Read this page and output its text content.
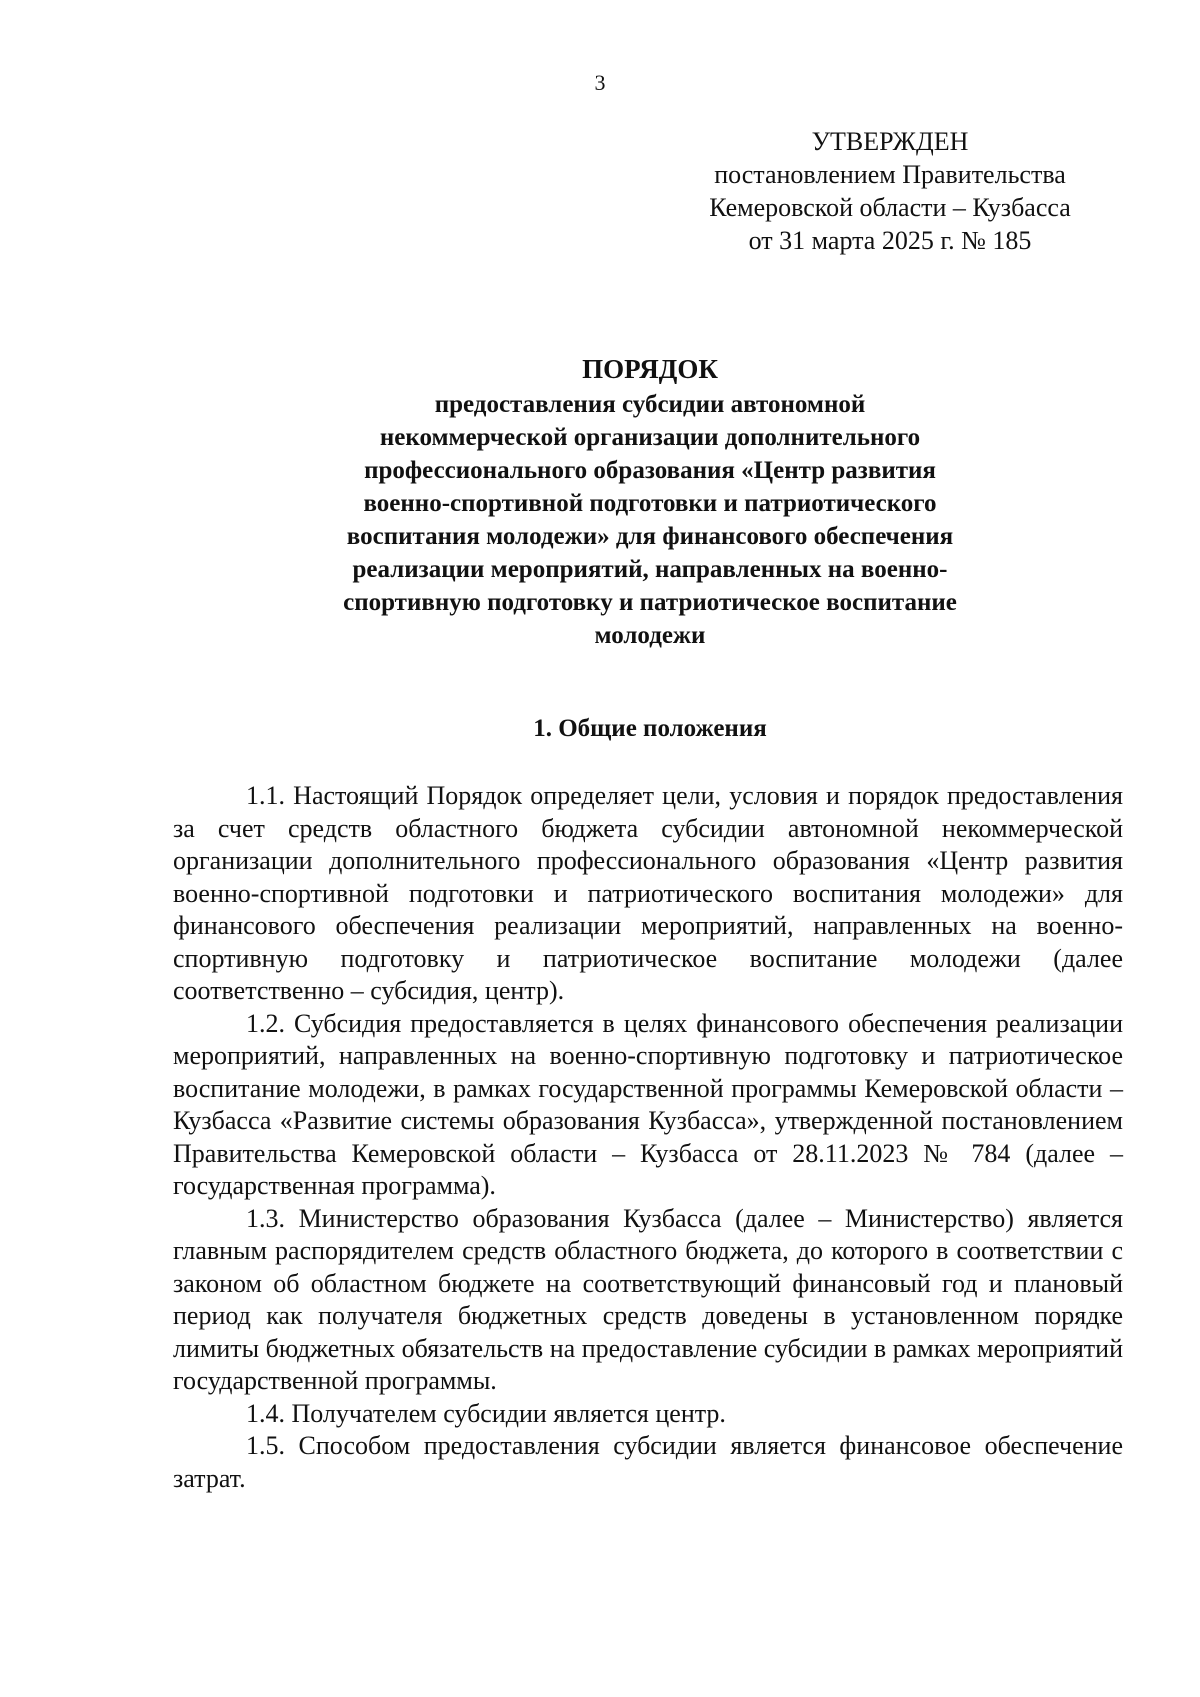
3
УТВЕРЖДЕН
постановлением Правительства
Кемеровской области – Кузбасса
от 31 марта 2025 г. № 185
ПОРЯДОК
предоставления субсидии автономной
некоммерческой организации дополнительного
профессионального образования «Центр развития
военно-спортивной подготовки и патриотического
воспитания молодежи» для финансового обеспечения
реализации мероприятий, направленных на военно-
спортивную подготовку и патриотическое воспитание
молодежи
1. Общие положения

1.1. Настоящий Порядок определяет цели, условия и порядок предоставления за счет средств областного бюджета субсидии автономной некоммерческой организации дополнительного профессионального образования «Центр развития военно-спортивной подготовки и патриотического воспитания молодежи» для финансового обеспечения реализации мероприятий, направленных на военно-спортивную подготовку и патриотическое воспитание молодежи (далее соответственно – субсидия, центр).

1.2. Субсидия предоставляется в целях финансового обеспечения реализации мероприятий, направленных на военно-спортивную подготовку и патриотическое воспитание молодежи, в рамках государственной программы Кемеровской области – Кузбасса «Развитие системы образования Кузбасса», утвержденной постановлением Правительства Кемеровской области – Кузбасса от 28.11.2023 № 784 (далее – государственная программа).

1.3. Министерство образования Кузбасса (далее – Министерство) является главным распорядителем средств областного бюджета, до которого в соответствии с законом об областном бюджете на соответствующий финансовый год и плановый период как получателя бюджетных средств доведены в установленном порядке лимиты бюджетных обязательств на предоставление субсидии в рамках мероприятий государственной программы.

1.4. Получателем субсидии является центр.

1.5. Способом предоставления субсидии является финансовое обеспечение затрат.
